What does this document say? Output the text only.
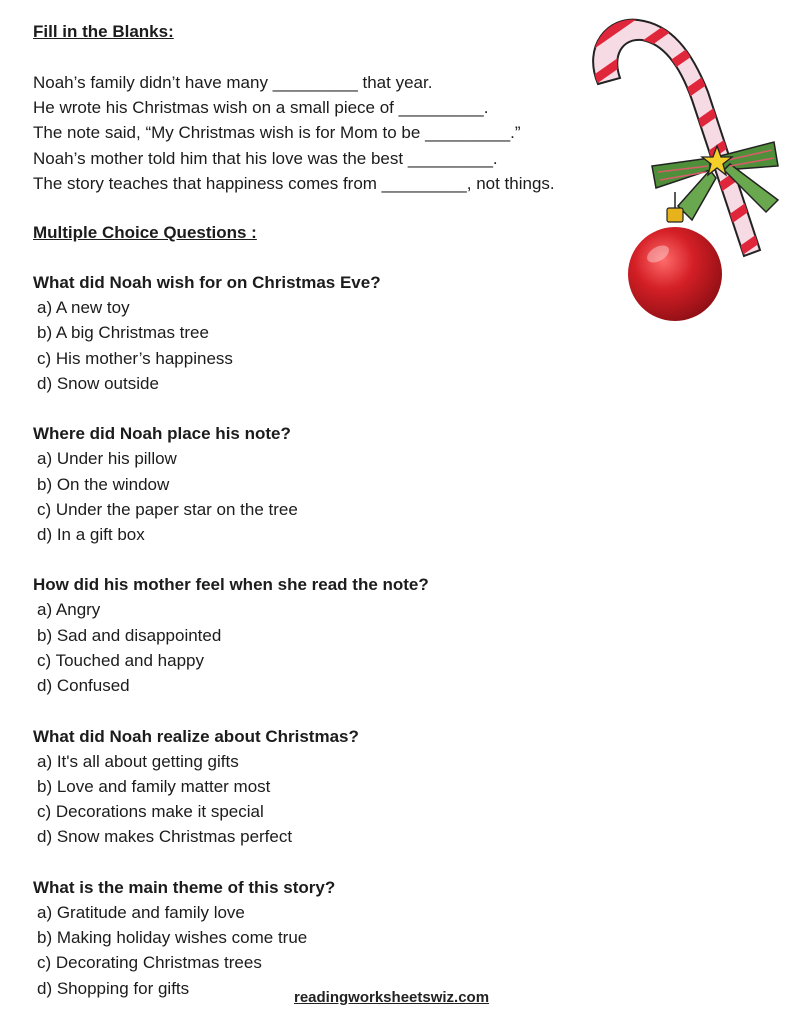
Fill in the Blanks:

Noah’s family didn’t have many _________ that year.

He wrote his Christmas wish on a small piece of _________.

The note said, “My Christmas wish is for Mom to be _________.”

Noah’s mother told him that his love was the best _________.

The story teaches that happiness comes from _________, not things.

Multiple Choice Questions :

What did Noah wish for on Christmas Eve?

a) A new toy

b) A big Christmas tree

c) His mother’s happiness

d) Snow outside

Where did Noah place his note?

a) Under his pillow

b) On the window

c) Under the paper star on the tree

d) In a gift box

How did his mother feel when she read the note?

a) Angry

b) Sad and disappointed

c) Touched and happy

d) Confused

What did Noah realize about Christmas?

a) It's all about getting gifts

b) Love and family matter most

c) Decorations make it special

d) Snow makes Christmas perfect

What is the main theme of this story?

a) Gratitude and family love

b) Making holiday wishes come true

c) Decorating Christmas trees

d) Shopping for gifts	readingworksheetswiz.com
